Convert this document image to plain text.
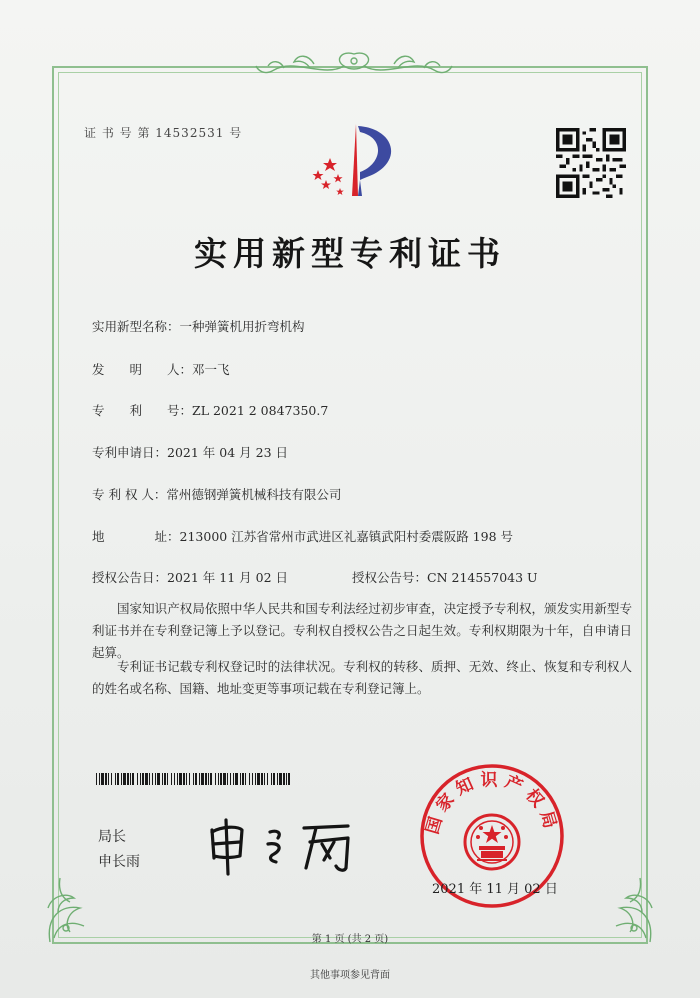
证 书 号 第 14532531 号
实用新型专利证书
实用新型名称：一种弹簧机用折弯机构
发　　明　　人：邓一飞
专　　利　　号：ZL 2021 2 0847350.7
专利申请日：2021 年 04 月 23 日
专 利 权 人：常州德钢弹簧机械科技有限公司
地　　　　址：213000 江苏省常州市武进区礼嘉镇武阳村委震阪路 198 号
授权公告日：2021 年 11 月 02 日	授权公告号：CN 214557043 U
国家知识产权局依照中华人民共和国专利法经过初步审查，决定授予专利权，颁发实用新型专利证书并在专利登记簿上予以登记。专利权自授权公告之日起生效。专利权期限为十年，自申请日起算。
专利证书记载专利权登记时的法律状况。专利权的转移、质押、无效、终止、恢复和专利权人的姓名或名称、国籍、地址变更等事项记载在专利登记簿上。
局长
申长雨
国家知识产权局
2021 年 11 月 02 日
第 1 页 (共 2 页)
其他事项参见背面
